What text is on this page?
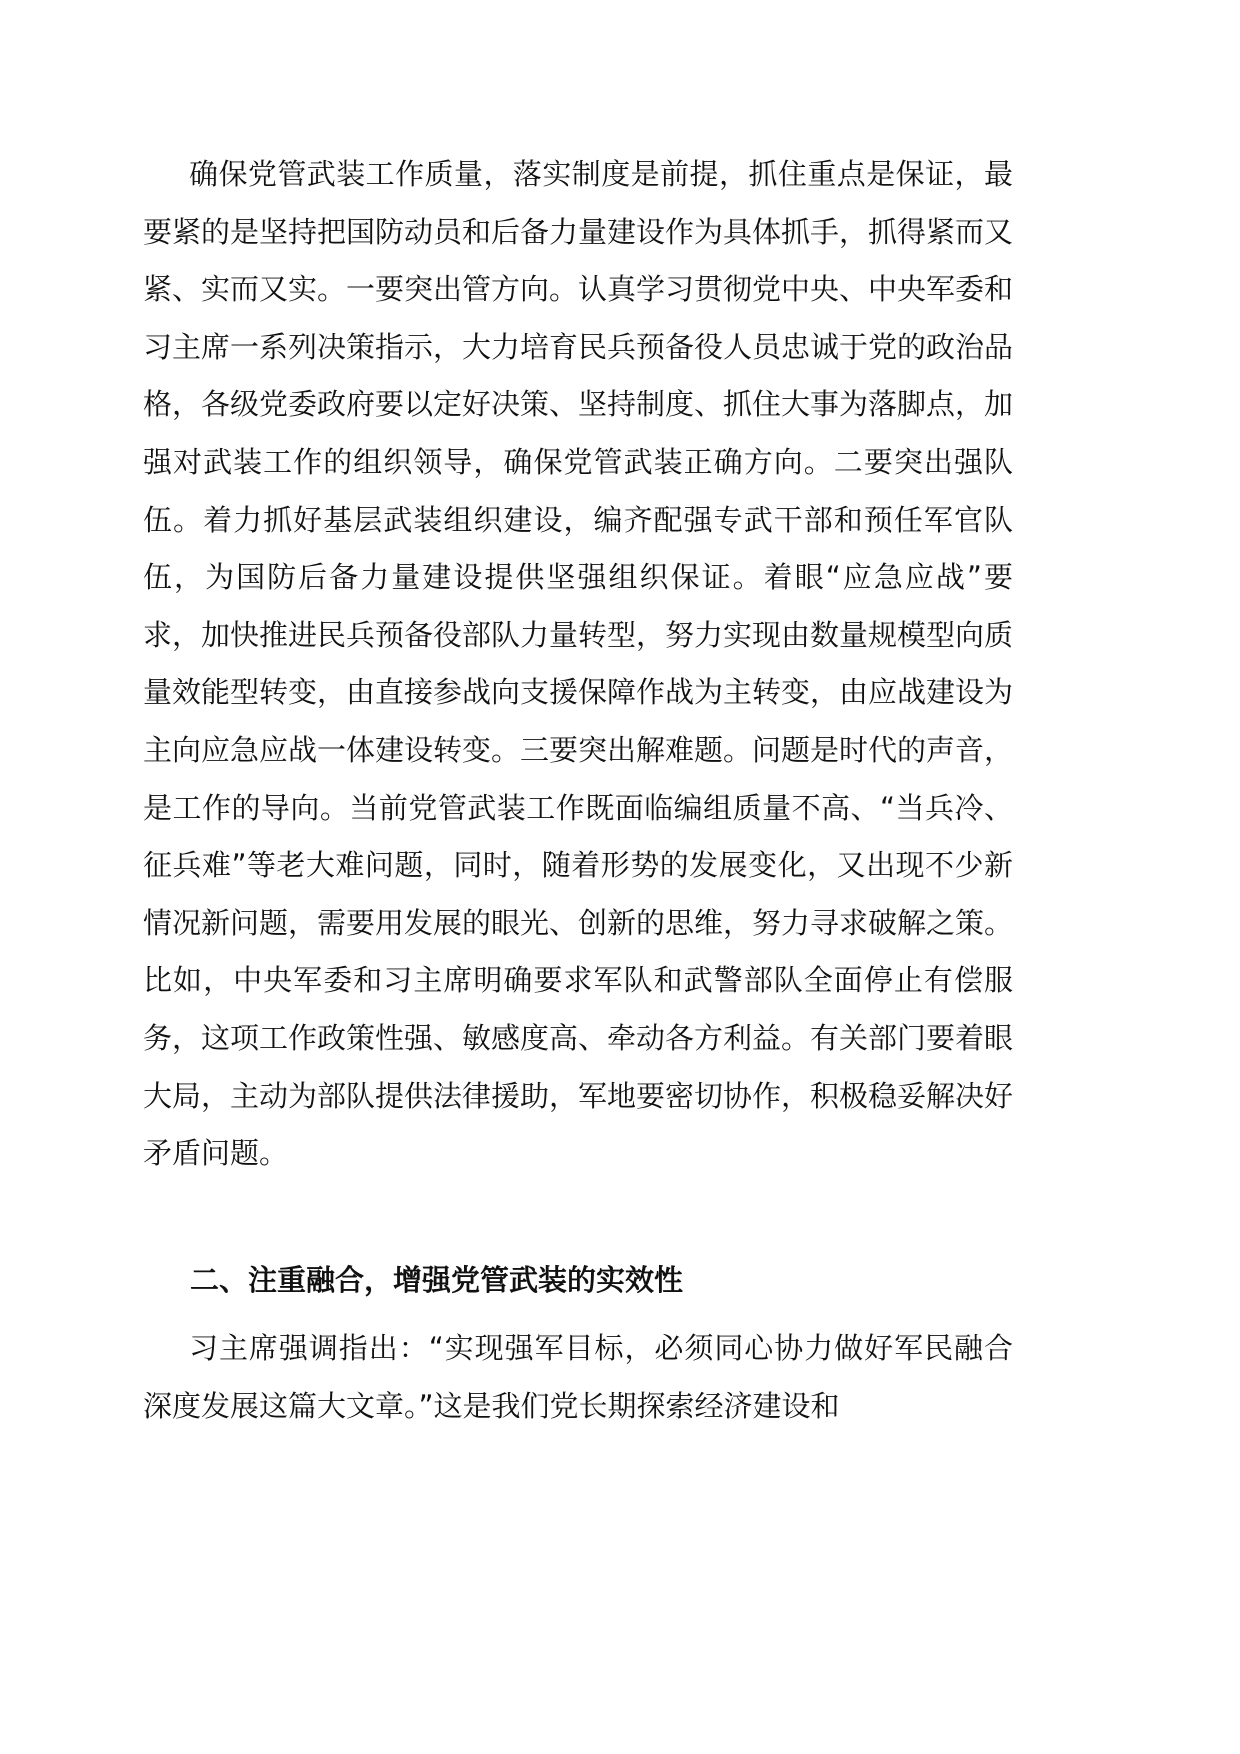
确保党管武装工作质量，落实制度是前提，抓住重点是保证，最要紧的是坚持把国防动员和后备力量建设作为具体抓手，抓得紧而又紧、实而又实。一要突出管方向。认真学习贯彻党中央、中央军委和习主席一系列决策指示，大力培育民兵预备役人员忠诚于党的政治品格，各级党委政府要以定好决策、坚持制度、抓住大事为落脚点，加强对武装工作的组织领导，确保党管武装正确方向。二要突出强队伍。着力抓好基层武装组织建设，编齐配强专武干部和预任军官队伍，为国防后备力量建设提供坚强组织保证。着眼“应急应战”要求，加快推进民兵预备役部队力量转型，努力实现由数量规模型向质量效能型转变，由直接参战向支援保障作战为主转变，由应战建设为主向应急应战一体建设转变。三要突出解难题。问题是时代的声音，是工作的导向。当前党管武装工作既面临编组质量不高、“当兵冷、征兵难”等老大难问题，同时，随着形势的发展变化，又出现不少新情况新问题，需要用发展的眼光、创新的思维，努力寻求破解之策。比如，中央军委和习主席明确要求军队和武警部队全面停止有偿服务，这项工作政策性强、敏感度高、牵动各方利益。有关部门要着眼大局，主动为部队提供法律援助，军地要密切协作，积极稳妥解决好矛盾问题。

二、注重融合，增强党管武装的实效性

习主席强调指出：“实现强军目标，必须同心协力做好军民融合深度发展这篇大文章。”这是我们党长期探索经济建设和
